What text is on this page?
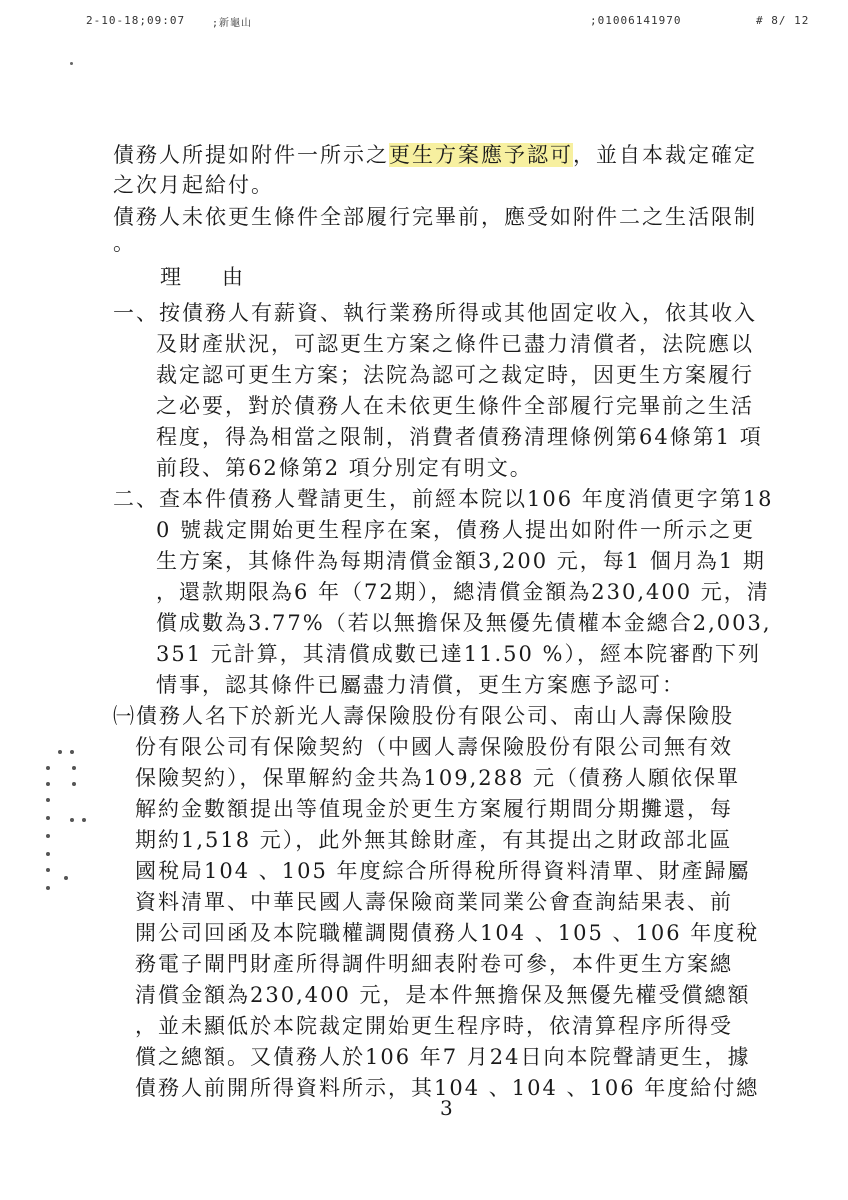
2-10-18;09:07	;新龜山	;01006141970	# 8/ 12
債務人所提如附件一所示之更生方案應予認可，並自本裁定確定
之次月起給付。
債務人未依更生條件全部履行完畢前，應受如附件二之生活限制
。
理　由
一、按債務人有薪資、執行業務所得或其他固定收入，依其收入
及財產狀況，可認更生方案之條件已盡力清償者，法院應以
裁定認可更生方案；法院為認可之裁定時，因更生方案履行
之必要，對於債務人在未依更生條件全部履行完畢前之生活
程度，得為相當之限制，消費者債務清理條例第64條第1 項
前段、第62條第2 項分別定有明文。
二、查本件債務人聲請更生，前經本院以106 年度消債更字第18
0 號裁定開始更生程序在案，債務人提出如附件一所示之更
生方案，其條件為每期清償金額3,200 元，每1 個月為1 期
，還款期限為6 年（72期），總清償金額為230,400 元，清
償成數為3.77%（若以無擔保及無優先債權本金總合2,003,
351 元計算，其清償成數已達11.50 %），經本院審酌下列
情事，認其條件已屬盡力清償，更生方案應予認可：
㈠債務人名下於新光人壽保險股份有限公司、南山人壽保險股
份有限公司有保險契約（中國人壽保險股份有限公司無有效
保險契約），保單解約金共為109,288 元（債務人願依保單
解約金數額提出等值現金於更生方案履行期間分期攤還，每
期約1,518 元），此外無其餘財產，有其提出之財政部北區
國稅局104 、105 年度綜合所得稅所得資料清單、財產歸屬
資料清單、中華民國人壽保險商業同業公會查詢結果表、前
開公司回函及本院職權調閱債務人104 、105 、106 年度稅
務電子閘門財產所得調件明細表附卷可參，本件更生方案總
清償金額為230,400 元，是本件無擔保及無優先權受償總額
，並未顯低於本院裁定開始更生程序時，依清算程序所得受
償之總額。又債務人於106 年7 月24日向本院聲請更生，據
債務人前開所得資料所示，其104 、104 、106 年度給付總
3
